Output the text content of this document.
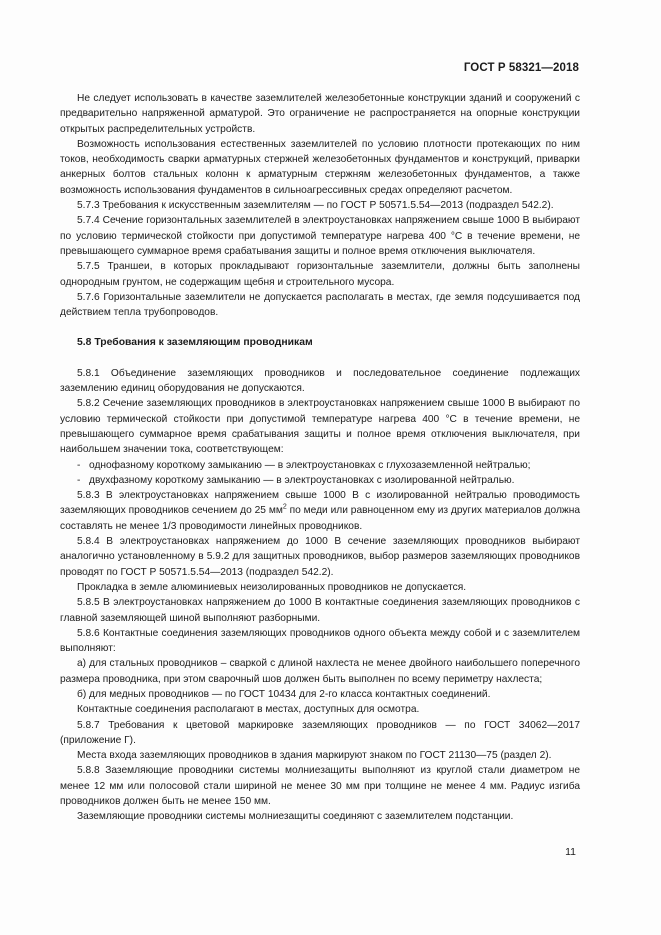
ГОСТ Р 58321—2018

Не следует использовать в качестве заземлителей железобетонные конструкции зданий и сооружений с предварительно напряженной арматурой. Это ограничение не распространяется на опорные конструкции открытых распределительных устройств.

Возможность использования естественных заземлителей по условию плотности протекающих по ним токов, необходимость сварки арматурных стержней железобетонных фундаментов и конструкций, приварки анкерных болтов стальных колонн к арматурным стержням железобетонных фундаментов, а также возможность использования фундаментов в сильноагрессивных средах определяют расчетом.

5.7.3 Требования к искусственным заземлителям — по ГОСТ Р 50571.5.54—2013 (подраздел 542.2).

5.7.4 Сечение горизонтальных заземлителей в электроустановках напряжением свыше 1000 В выбирают по условию термической стойкости при допустимой температуре нагрева 400 °С в течение времени, не превышающего суммарное время срабатывания защиты и полное время отключения выключателя.

5.7.5 Траншеи, в которых прокладывают горизонтальные заземлители, должны быть заполнены однородным грунтом, не содержащим щебня и строительного мусора.

5.7.6 Горизонтальные заземлители не допускается располагать в местах, где земля подсушивается под действием тепла трубопроводов.

5.8 Требования к заземляющим проводникам

5.8.1 Объединение заземляющих проводников и последовательное соединение подлежащих заземлению единиц оборудования не допускаются.

5.8.2 Сечение заземляющих проводников в электроустановках напряжением свыше 1000 В выбирают по условию термической стойкости при допустимой температуре нагрева 400 °С в течение времени, не превышающего суммарное время срабатывания защиты и полное время отключения выключателя, при наибольшем значении тока, соответствующем:

- однофазному короткому замыканию — в электроустановках с глухозаземленной нейтралью;
- двухфазному короткому замыканию — в электроустановках с изолированной нейтралью.

5.8.3 В электроустановках напряжением свыше 1000 В с изолированной нейтралью проводимость заземляющих проводников сечением до 25 $мм^2$ по меди или равноценном ему из других материалов должна составлять не менее 1/3 проводимости линейных проводников.

5.8.4 В электроустановках напряжением до 1000 В сечение заземляющих проводников выбирают аналогично установленному в 5.9.2 для защитных проводников, выбор размеров заземляющих проводников проводят по ГОСТ Р 50571.5.54—2013 (подраздел 542.2).

Прокладка в земле алюминиевых неизолированных проводников не допускается.

5.8.5 В электроустановках напряжением до 1000 В контактные соединения заземляющих проводников с главной заземляющей шиной выполняют разборными.

5.8.6 Контактные соединения заземляющих проводников одного объекта между собой и с заземлителем выполняют:

а) для стальных проводников – сваркой с длиной нахлеста не менее двойного наибольшего поперечного размера проводника, при этом сварочный шов должен быть выполнен по всему периметру нахлеста;

б) для медных проводников — по ГОСТ 10434 для 2-го класса контактных соединений.

Контактные соединения располагают в местах, доступных для осмотра.

5.8.7 Требования к цветовой маркировке заземляющих проводников — по ГОСТ 34062—2017 (приложение Г).

Места входа заземляющих проводников в здания маркируют знаком по ГОСТ 21130—75 (раздел 2).

5.8.8 Заземляющие проводники системы молниезащиты выполняют из круглой стали диаметром не менее 12 мм или полосовой стали шириной не менее 30 мм при толщине не менее 4 мм. Радиус изгиба проводников должен быть не менее 150 мм.

Заземляющие проводники системы молниезащиты соединяют с заземлителем подстанции.

11
